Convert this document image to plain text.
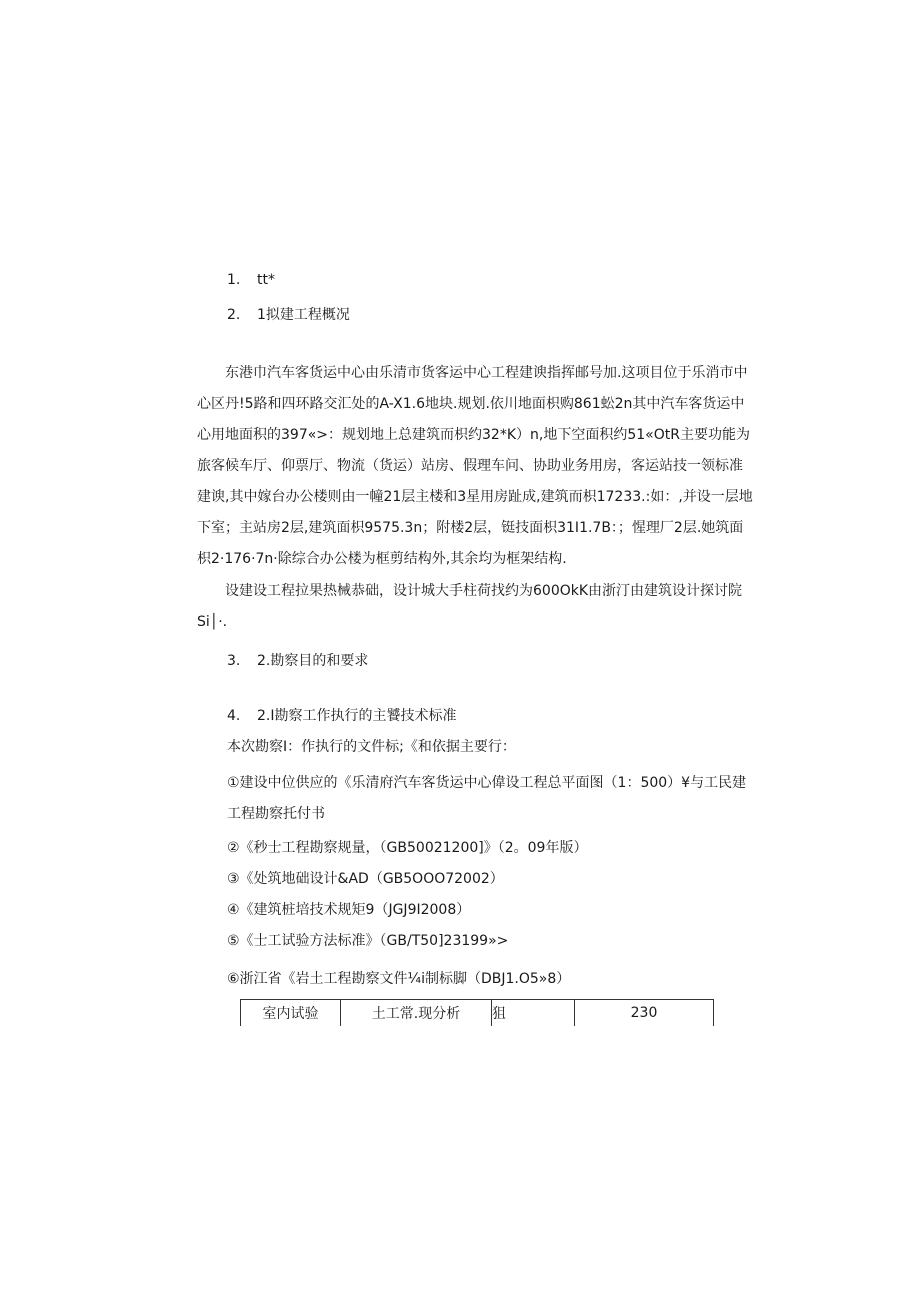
1. tt*
2. 1拟建工程概况
东港巾汽车客货运中心由乐清市货客运中心工程建谀指挥邮号加.这项目位于乐消市中心区丹!5路和四环路交汇处的A-X1.6地块.规划.依川地面枳购861蚣2n其中汽车客货运中心用地面积的397«>：规划地上总建筑而枳约32*K）n,地下空面积约51«OtR主要功能为旅客候车厅、仰票厅、物流（货运）站房、假理车问、协助业务用房，客运站技一领标准建谀,其中嫁台办公楼则由一幢21层主楼和3星用房趾成,建筑而枳17233.:如：,并设一层地下室；主站房2层,建筑面枳9575.3n；附楼2层，铤技面枳31I1.7B：；惺理厂2层.她筑面枳2·176·7n·除综合办公楼为框剪结构外,其余均为框架结构.
设建设工程拉果热械恭础，设计城大手柱荷找约为600OkK由浙汀由建筑设计探讨院Si│·.
3. 2.勘察目的和要求
4. 2.I勘察工作执行的主饕技术标准
本次勘察I：作执行的文件标;《和依据主要行：
①建设中位供应的《乐清府汽车客货运中心偉设工程总平面图（1：500）¥与工民建工程勘察托付书
②《秒士工程勘察规量，（GB50021200]》（2。09年版）
③《处筑地础设计&AD（GB5OOO72002）
④《建筑桩培技术规矩9（JGJ9I2008）
⑤《士工试验方法标准》（GB/T50]23199»>
⑥浙江省《岩土工程勘察文件¼i制标脚（DBJ1.O5»8）
室内试验	土工常.现分析	狙	230
